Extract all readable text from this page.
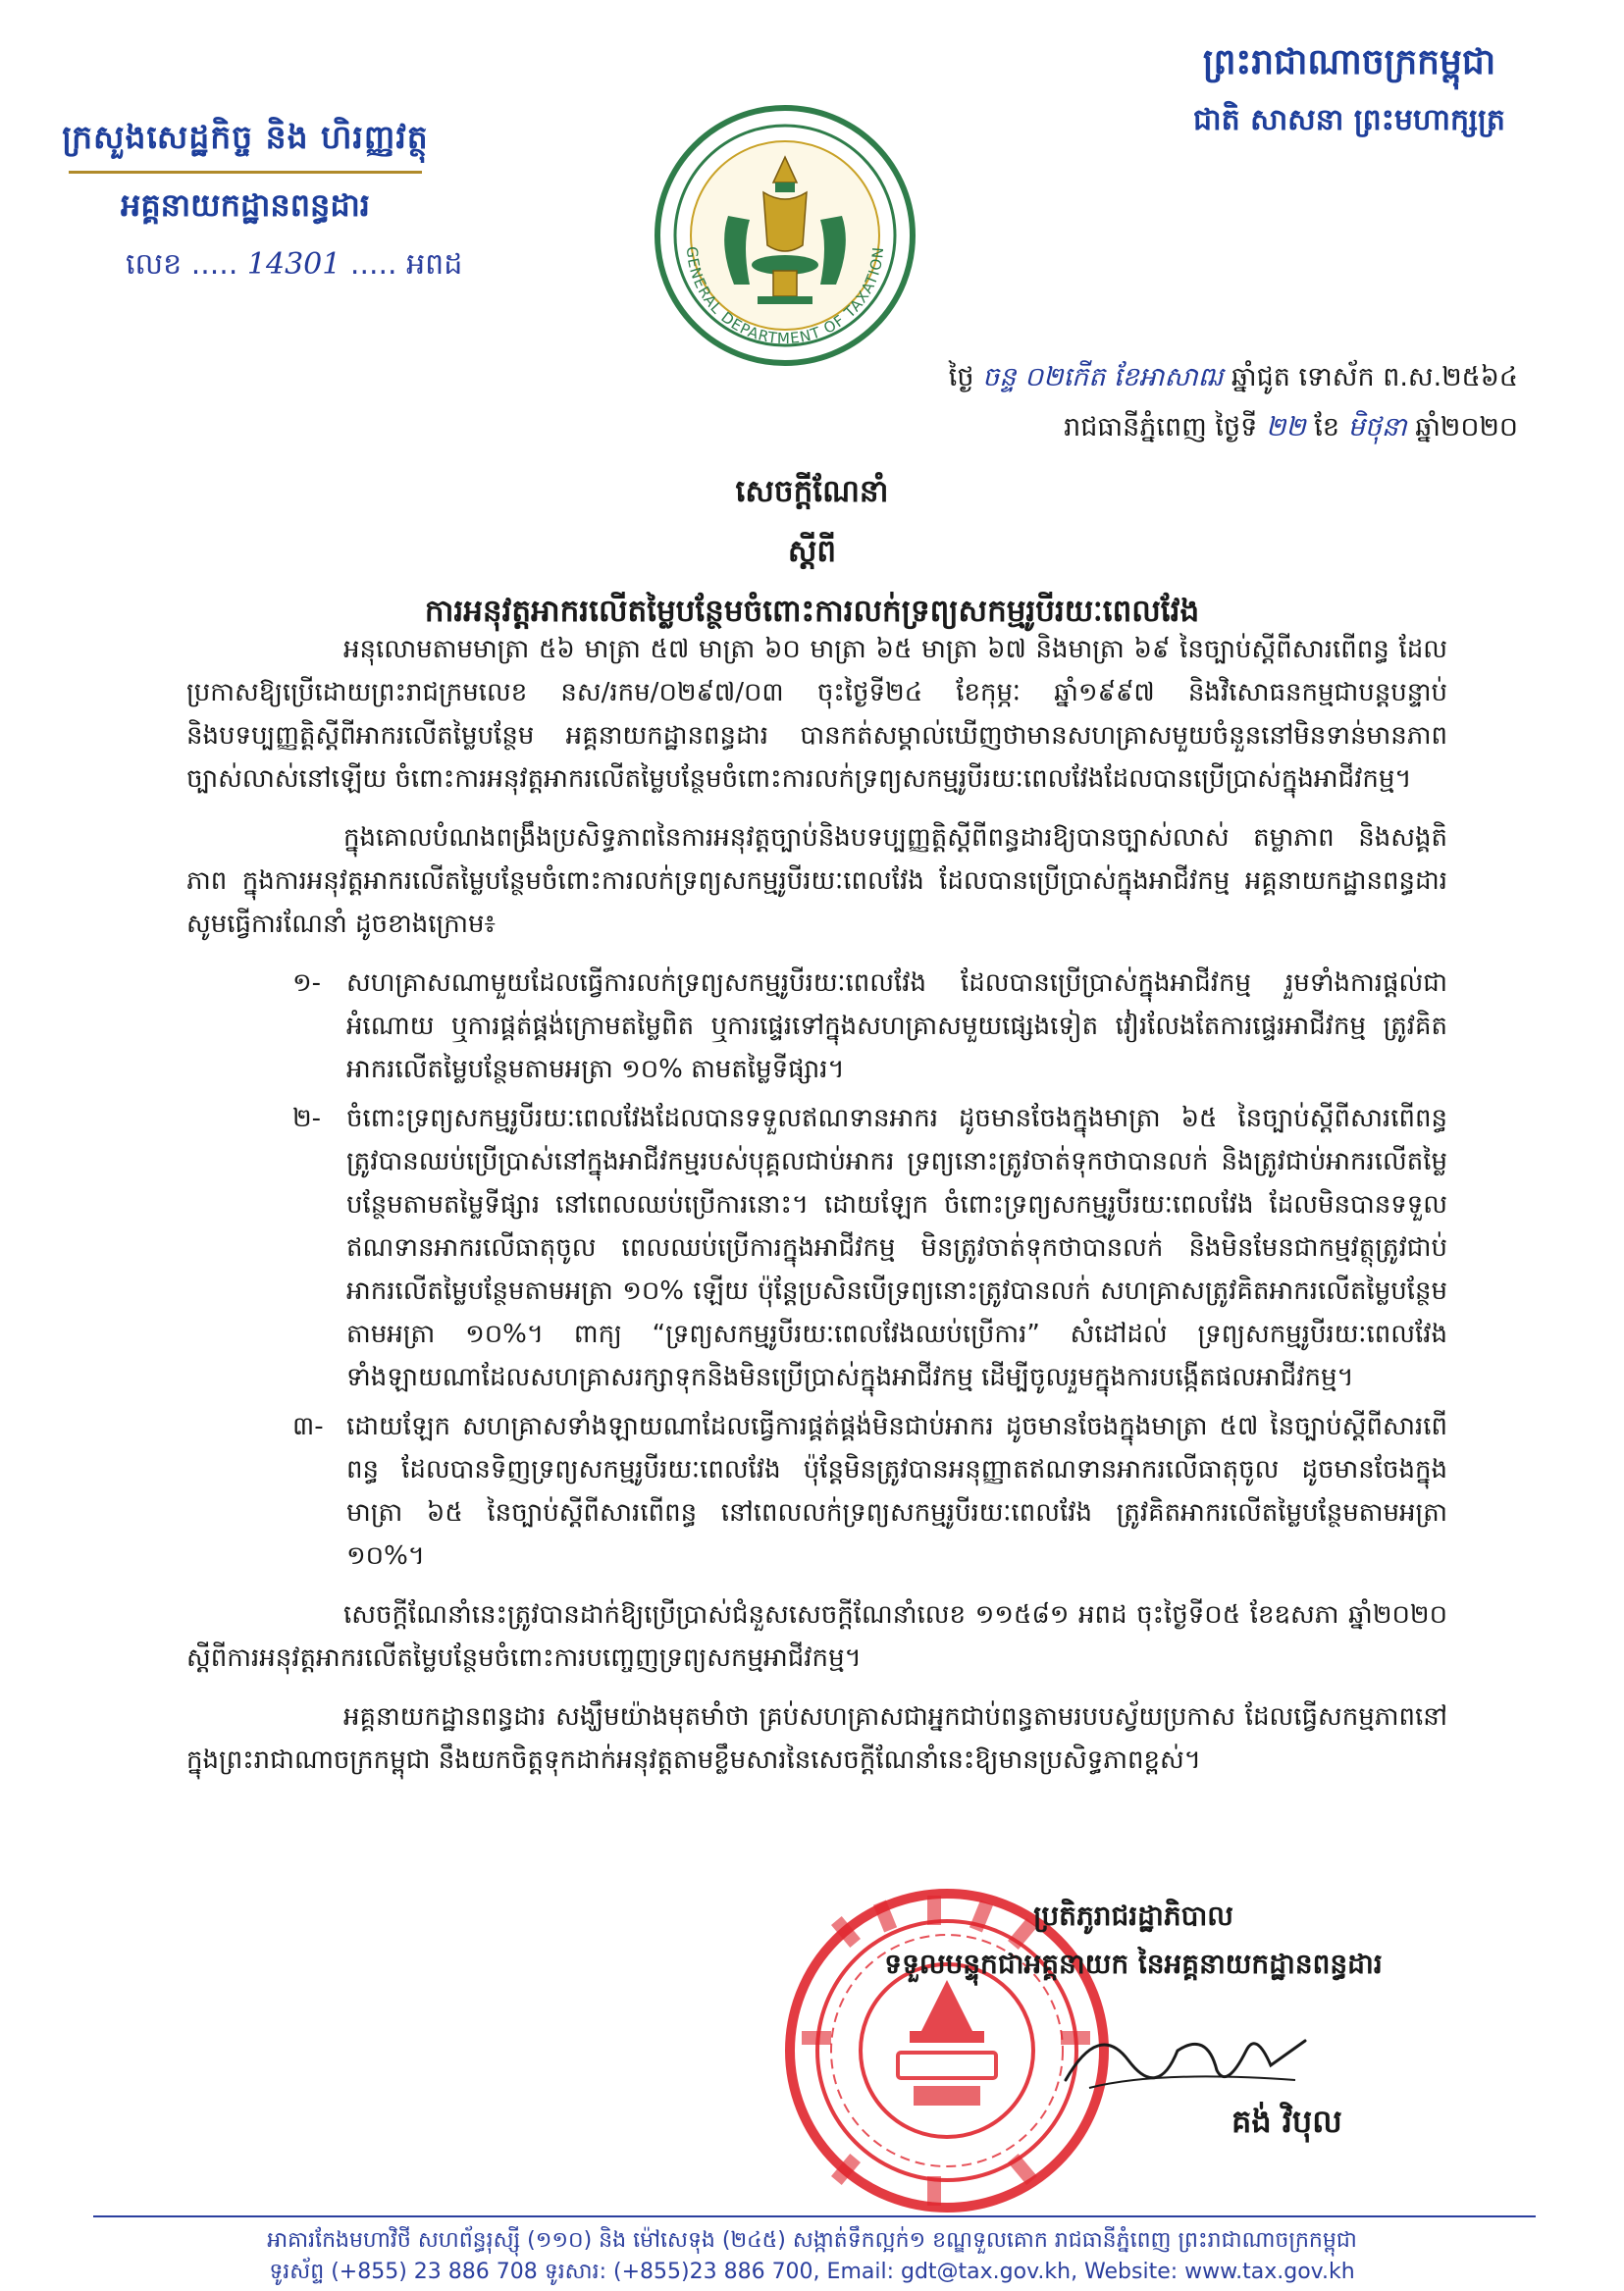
ព្រះរាជាណាចក្រកម្ពុជា
ជាតិ សាសនា ព្រះមហាក្សត្រ
ក្រសួងសេដ្ឋកិច្ច និង ហិរញ្ញវត្ថុ
អគ្គនាយកដ្ឋានពន្ធដារ
លេខ ..... 14301 ..... អពដ	GENERAL DEPARTMENT OF TAXATION
ថ្ងៃ ចន្ទ ០២កើត ខែអាសាឍ ឆ្នាំជូត ទោស័ក ព.ស.២៥៦៤
រាជធានីភ្នំពេញ ថ្ងៃទី ២២ ខែ មិថុនា ឆ្នាំ២០២០
សេចក្តីណែនាំ
ស្តីពី
ការអនុវត្តអាករលើតម្លៃបន្ថែមចំពោះការលក់ទ្រព្យសកម្មរូបីរយៈពេលវែង

អនុលោមតាមមាត្រា ៥៦ មាត្រា ៥៧ មាត្រា ៦០ មាត្រា ៦៥ មាត្រា ៦៧ និងមាត្រា ៦៩ នៃច្បាប់ស្តីពីសារពើពន្ធ ដែលប្រកាសឱ្យប្រើដោយព្រះរាជក្រមលេខ នស/រកម/០២៩៧/០៣ ចុះថ្ងៃទី២៤ ខែកុម្ភៈ ឆ្នាំ១៩៩៧ និងវិសោធនកម្មជាបន្តបន្ទាប់ និងបទប្បញ្ញត្តិស្តីពីអាករលើតម្លៃបន្ថែម អគ្គនាយកដ្ឋានពន្ធដារ បានកត់សម្គាល់ឃើញថាមានសហគ្រាសមួយចំនួននៅមិនទាន់មានភាពច្បាស់លាស់នៅឡើយ ចំពោះការអនុវត្តអាករលើតម្លៃបន្ថែមចំពោះការលក់ទ្រព្យសកម្មរូបីរយៈពេលវែងដែលបានប្រើប្រាស់ក្នុងអាជីវកម្ម។

ក្នុងគោលបំណងពង្រឹងប្រសិទ្ធភាពនៃការអនុវត្តច្បាប់និងបទប្បញ្ញត្តិស្តីពីពន្ធដារឱ្យបានច្បាស់លាស់ តម្លាភាព និងសង្គតិភាព ក្នុងការអនុវត្តអាករលើតម្លៃបន្ថែមចំពោះការលក់ទ្រព្យសកម្មរូបីរយៈពេលវែង ដែលបានប្រើប្រាស់ក្នុងអាជីវកម្ម អគ្គនាយកដ្ឋានពន្ធដារ សូមធ្វើការណែនាំ ដូចខាងក្រោម៖

១- សហគ្រាសណាមួយដែលធ្វើការលក់ទ្រព្យសកម្មរូបីរយៈពេលវែង ដែលបានប្រើប្រាស់ក្នុងអាជីវកម្ម រួមទាំងការផ្តល់ជាអំណោយ ឬការផ្គត់ផ្គង់ក្រោមតម្លៃពិត ឬការផ្ទេរទៅក្នុងសហគ្រាសមួយផ្សេងទៀត វៀរលែងតែការផ្ទេរអាជីវកម្ម ត្រូវគិតអាករលើតម្លៃបន្ថែមតាមអត្រា ១០% តាមតម្លៃទីផ្សារ។
២- ចំពោះទ្រព្យសកម្មរូបីរយៈពេលវែងដែលបានទទួលឥណទានអាករ ដូចមានចែងក្នុងមាត្រា ៦៥ នៃច្បាប់ស្តីពីសារពើពន្ធ ត្រូវបានឈប់ប្រើប្រាស់នៅក្នុងអាជីវកម្មរបស់បុគ្គលជាប់អាករ ទ្រព្យនោះត្រូវចាត់ទុកថាបានលក់ និងត្រូវជាប់អាករលើតម្លៃបន្ថែមតាមតម្លៃទីផ្សារ នៅពេលឈប់ប្រើការនោះ។ ដោយឡែក ចំពោះទ្រព្យសកម្មរូបីរយៈពេលវែង ដែលមិនបានទទួលឥណទានអាករលើធាតុចូល ពេលឈប់ប្រើការក្នុងអាជីវកម្ម មិនត្រូវចាត់ទុកថាបានលក់ និងមិនមែនជាកម្មវត្ថុត្រូវជាប់អាករលើតម្លៃបន្ថែមតាមអត្រា ១០% ឡើយ ប៉ុន្តែប្រសិនបើទ្រព្យនោះត្រូវបានលក់ សហគ្រាសត្រូវគិតអាករលើតម្លៃបន្ថែមតាមអត្រា ១០%។ ពាក្យ “ទ្រព្យសកម្មរូបីរយៈពេលវែងឈប់ប្រើការ” សំដៅដល់ ទ្រព្យសកម្មរូបីរយៈពេលវែងទាំងឡាយណាដែលសហគ្រាសរក្សាទុកនិងមិនប្រើប្រាស់ក្នុងអាជីវកម្ម ដើម្បីចូលរួមក្នុងការបង្កើតផលអាជីវកម្ម។
៣- ដោយឡែក សហគ្រាសទាំងឡាយណាដែលធ្វើការផ្គត់ផ្គង់មិនជាប់អាករ ដូចមានចែងក្នុងមាត្រា ៥៧ នៃច្បាប់ស្តីពីសារពើពន្ធ ដែលបានទិញទ្រព្យសកម្មរូបីរយៈពេលវែង ប៉ុន្តែមិនត្រូវបានអនុញ្ញាតឥណទានអាករលើធាតុចូល ដូចមានចែងក្នុងមាត្រា ៦៥ នៃច្បាប់ស្តីពីសារពើពន្ធ នៅពេលលក់ទ្រព្យសកម្មរូបីរយៈពេលវែង ត្រូវគិតអាករលើតម្លៃបន្ថែមតាមអត្រា ១០%។

សេចក្តីណែនាំនេះត្រូវបានដាក់ឱ្យប្រើប្រាស់ជំនួសសេចក្តីណែនាំលេខ ១១៥៨១ អពដ ចុះថ្ងៃទី០៥ ខែឧសភា ឆ្នាំ២០២០ ស្តីពីការអនុវត្តអាករលើតម្លៃបន្ថែមចំពោះការបញ្ចេញទ្រព្យសកម្មអាជីវកម្ម។

អគ្គនាយកដ្ឋានពន្ធដារ សង្ឃឹមយ៉ាងមុតមាំថា គ្រប់សហគ្រាសជាអ្នកជាប់ពន្ធតាមរបបស្វ័យប្រកាស ដែលធ្វើសកម្មភាពនៅក្នុងព្រះរាជាណាចក្រកម្ពុជា នឹងយកចិត្តទុកដាក់អនុវត្តតាមខ្លឹមសារនៃសេចក្តីណែនាំនេះឱ្យមានប្រសិទ្ធភាពខ្ពស់។

ប្រតិភូរាជរដ្ឋាភិបាល
ទទួលបន្ទុកជាអគ្គនាយក នៃអគ្គនាយកដ្ឋានពន្ធដារ
គង់ វិបុល
អាគារកែងមហាវិថី សហព័ន្ធរុស្ស៊ី (១១០) និង ម៉ៅសេទុង (២៤៥) សង្កាត់ទឹកល្អក់១ ខណ្ឌទួលគោក រាជធានីភ្នំពេញ ព្រះរាជាណាចក្រកម្ពុជា
ទូរស័ព្ទ (+855) 23 886 708 ទូរសារ: (+855)23 886 700, Email: gdt@tax.gov.kh, Website: www.tax.gov.kh
